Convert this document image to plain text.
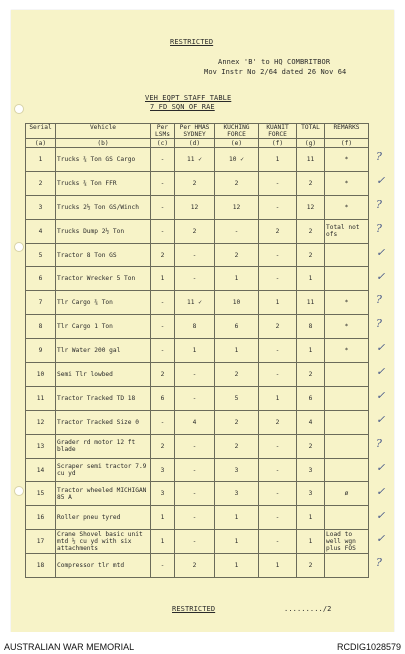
RESTRICTED
Annex 'B' to HQ COMBRITBOR
Mov Instr No 2/64 dated 26 Nov 64
VEH EQPT STAFF TABLE
7 FD SQN OF RAE
Serial	Vehicle	Per LSMs	Per HMAS SYDNEY	KUCHING FORCE	KUANIT FORCE	TOTAL	REMARKS
(a)	(b)	(c)	(d)	(e)	(f)	(g)	(f)
1	Trucks ¾ Ton GS Cargo	-	11 ✓	10 ✓	1	11	*
2	Trucks ¾ Ton FFR	-	2	2	-	2	*
3	Trucks 2½ Ton GS/Winch	-	12	12	-	12	*
4	Trucks Dump 2½ Ton	-	2	-	2	2	Total not ofs
5	Tractor 8 Ton GS	2	-	2	-	2	
6	Tractor Wrecker 5 Ton	1	-	1	-	1	
7	Tlr Cargo ¾ Ton	-	11 ✓	10	1	11	*
8	Tlr Cargo 1 Ton	-	8	6	2	8	*
9	Tlr Water 200 gal	-	1	1	-	1	*
10	Semi Tlr lowbed	2	-	2	-	2	
11	Tractor Tracked TD 18	6	-	5	1	6	
12	Tractor Tracked Size 0	-	4	2	2	4	
13	Grader rd motor 12 ft blade	2	-	2	-	2	
14	Scraper semi tractor 7.9 cu yd	3	-	3	-	3	
15	Tractor wheeled MICHIGAN 85 A	3	-	3	-	3	ø
16	Roller pneu tyred	1	-	1	-	1	
17	Crane Shovel basic unit mtd ½ cu yd with six attachments	1	-	1	-	1	Load to well wgn plus FOS
18	Compressor tlr mtd	-	2	1	1	2	
?
✓
?
?
✓
✓
?
?
✓
✓
✓
✓
?
✓
✓
✓
✓
?
RESTRICTED	........./2
AUSTRALIAN WAR MEMORIAL	RCDIG1028579
